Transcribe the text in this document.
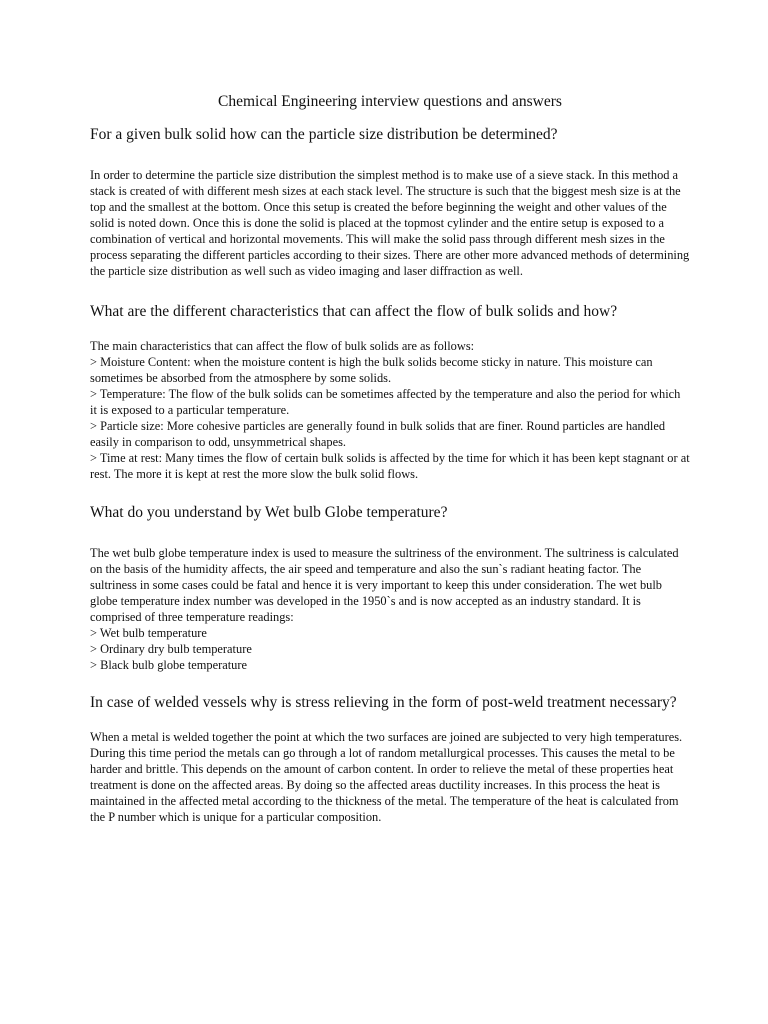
Chemical Engineering interview questions and answers
For a given bulk solid how can the particle size distribution be determined?

In order to determine the particle size distribution the simplest method is to make use of a sieve stack. In this method a stack is created of with different mesh sizes at each stack level. The structure is such that the biggest mesh size is at the top and the smallest at the bottom. Once this setup is created the before beginning the weight and other values of the solid is noted down. Once this is done the solid is placed at the topmost cylinder and the entire setup is exposed to a combination of vertical and horizontal movements. This will make the solid pass through different mesh sizes in the process separating the different particles according to their sizes. There are other more advanced methods of determining the particle size distribution as well such as video imaging and laser diffraction as well.

What are the different characteristics that can affect the flow of bulk solids and how?

The main characteristics that can affect the flow of bulk solids are as follows:

> Moisture Content: when the moisture content is high the bulk solids become sticky in nature. This moisture can sometimes be absorbed from the atmosphere by some solids.

> Temperature: The flow of the bulk solids can be sometimes affected by the temperature and also the period for which it is exposed to a particular temperature.

> Particle size: More cohesive particles are generally found in bulk solids that are finer. Round particles are handled easily in comparison to odd, unsymmetrical shapes.

> Time at rest: Many times the flow of certain bulk solids is affected by the time for which it has been kept stagnant or at rest. The more it is kept at rest the more slow the bulk solid flows.

What do you understand by Wet bulb Globe temperature?

The wet bulb globe temperature index is used to measure the sultriness of the environment. The sultriness is calculated on the basis of the humidity affects, the air speed and temperature and also the sun`s radiant heating factor. The sultriness in some cases could be fatal and hence it is very important to keep this under consideration. The wet bulb globe temperature index number was developed in the 1950`s and is now accepted as an industry standard. It is comprised of three temperature readings:

> Wet bulb temperature

> Ordinary dry bulb temperature

> Black bulb globe temperature

In case of welded vessels why is stress relieving in the form of post-weld treatment necessary?

When a metal is welded together the point at which the two surfaces are joined are subjected to very high temperatures. During this time period the metals can go through a lot of random metallurgical processes. This causes the metal to be harder and brittle. This depends on the amount of carbon content. In order to relieve the metal of these properties heat treatment is done on the affected areas. By doing so the affected areas ductility increases. In this process the heat is maintained in the affected metal according to the thickness of the metal. The temperature of the heat is calculated from the P number which is unique for a particular composition.
